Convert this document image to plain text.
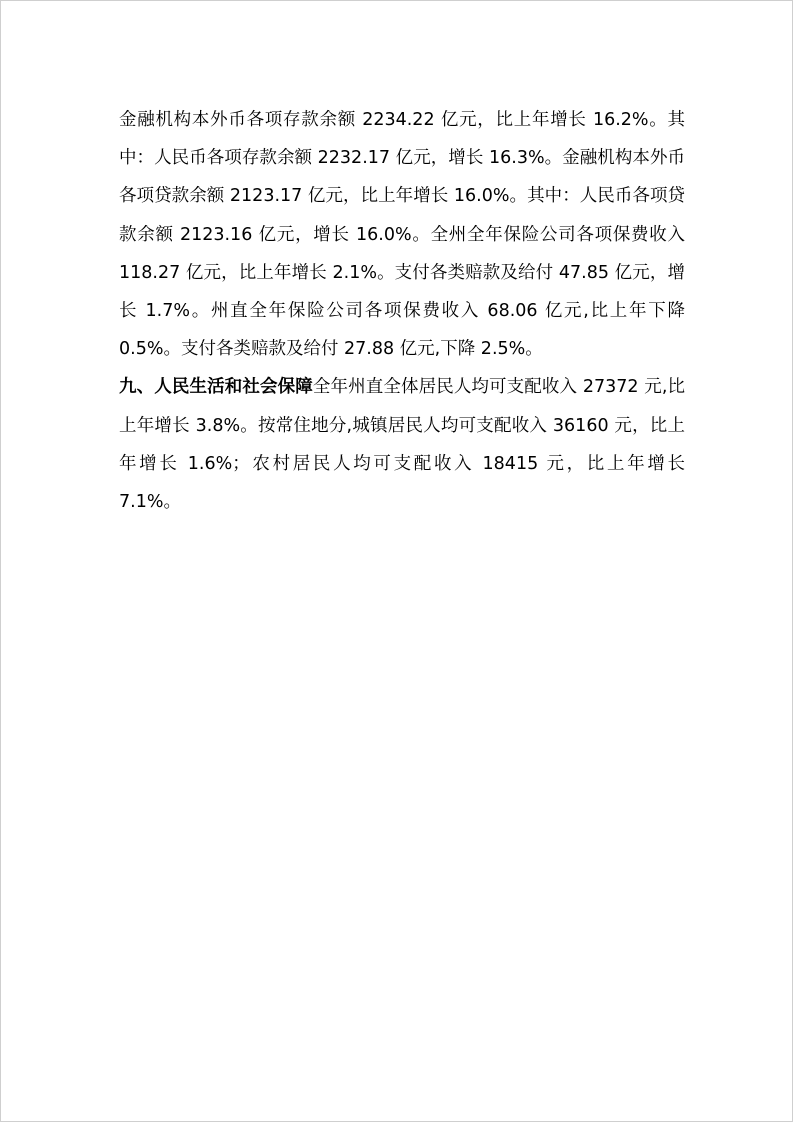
金融机构本外币各项存款余额 2234.22 亿元，比上年增长 16.2%。其中：人民币各项存款余额 2232.17 亿元，增长 16.3%。金融机构本外币各项贷款余额 2123.17 亿元，比上年增长 16.0%。其中：人民币各项贷款余额 2123.16 亿元，增长 16.0%。全州全年保险公司各项保费收入 118.27 亿元，比上年增长 2.1%。支付各类赔款及给付 47.85 亿元，增长 1.7%。州直全年保险公司各项保费收入 68.06 亿元,比上年下降 0.5%。支付各类赔款及给付 27.88 亿元,下降 2.5%。

九、人民生活和社会保障全年州直全体居民人均可支配收入 27372 元,比上年增长 3.8%。按常住地分,城镇居民人均可支配收入 36160 元，比上年增长 1.6%；农村居民人均可支配收入 18415 元，比上年增长 7.1%。
